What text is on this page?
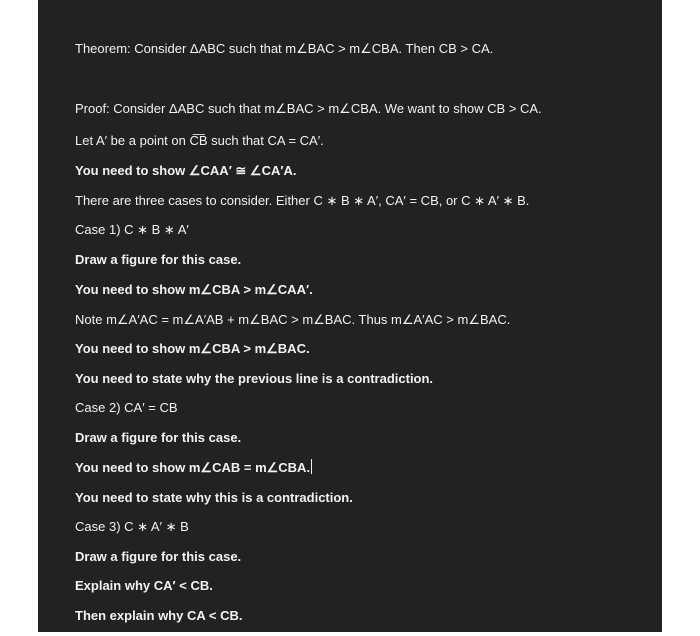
Theorem: Consider ΔABC such that m∠BAC > m∠CBA. Then CB > CA.
Proof: Consider ΔABC such that m∠BAC > m∠CBA. We want to show CB > CA.
Let A′ be a point on C͞B such that CA = CA′.
You need to show ∠CAA′ ≅ ∠CA′A.
There are three cases to consider. Either C ∗ B ∗ A′, CA′ = CB, or C ∗ A′ ∗ B.
Case 1) C ∗ B ∗ A′
Draw a figure for this case.
You need to show m∠CBA > m∠CAA′.
Note m∠A′AC = m∠A′AB + m∠BAC > m∠BAC. Thus m∠A′AC > m∠BAC.
You need to show m∠CBA > m∠BAC.
You need to state why the previous line is a contradiction.
Case 2) CA′ = CB
Draw a figure for this case.
You need to show m∠CAB = m∠CBA.
You need to state why this is a contradiction.
Case 3) C ∗ A′ ∗ B
Draw a figure for this case.
Explain why CA′ < CB.
Then explain why CA < CB.
